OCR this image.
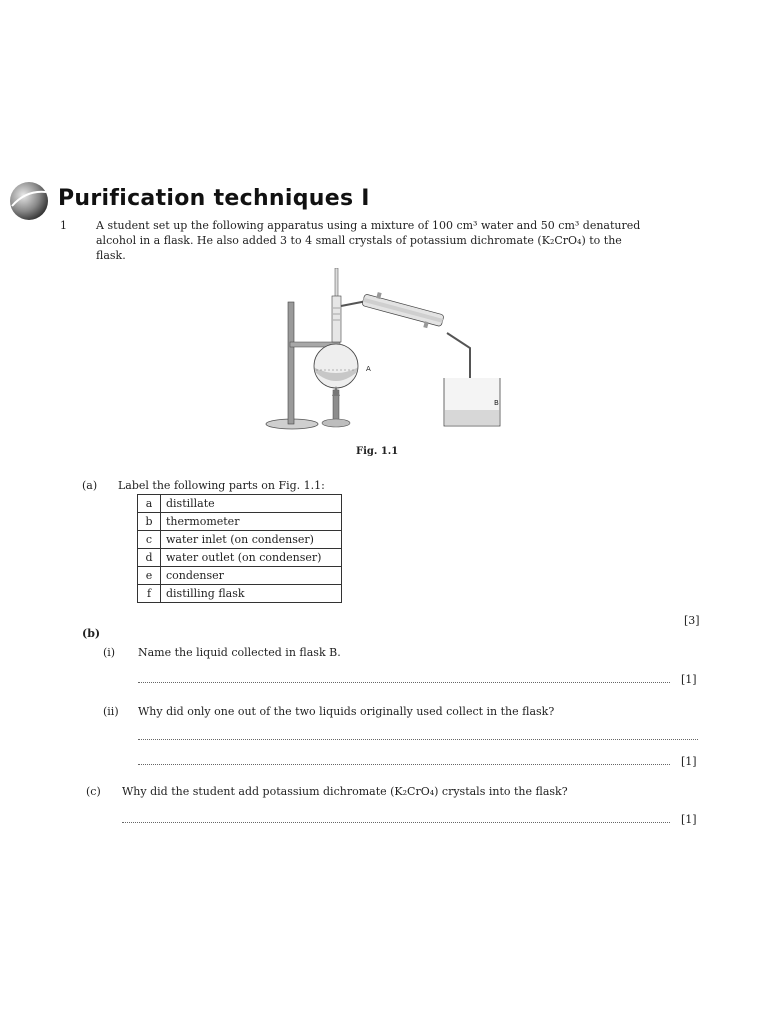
Purification techniques I
1	A student set up the following apparatus using a mixture of 100 cm³ water and 50 cm³ denatured
alcohol in a flask. He also added 3 to 4 small crystals of potassium dichromate (K₂CrO₄) to the
flask.
A
B
Fig. 1.1
(a) Label the following parts on Fig. 1.1:
a	distillate
b	thermometer
c	water inlet (on condenser)
d	water outlet (on condenser)
e	condenser
f	distilling flask
[3]
(b)
(i) Name the liquid collected in flask B.
[1]
(ii) Why did only one out of the two liquids originally used collect in the flask?
[1]
(c) Why did the student add potassium dichromate (K₂CrO₄) crystals into the flask?
[1]
